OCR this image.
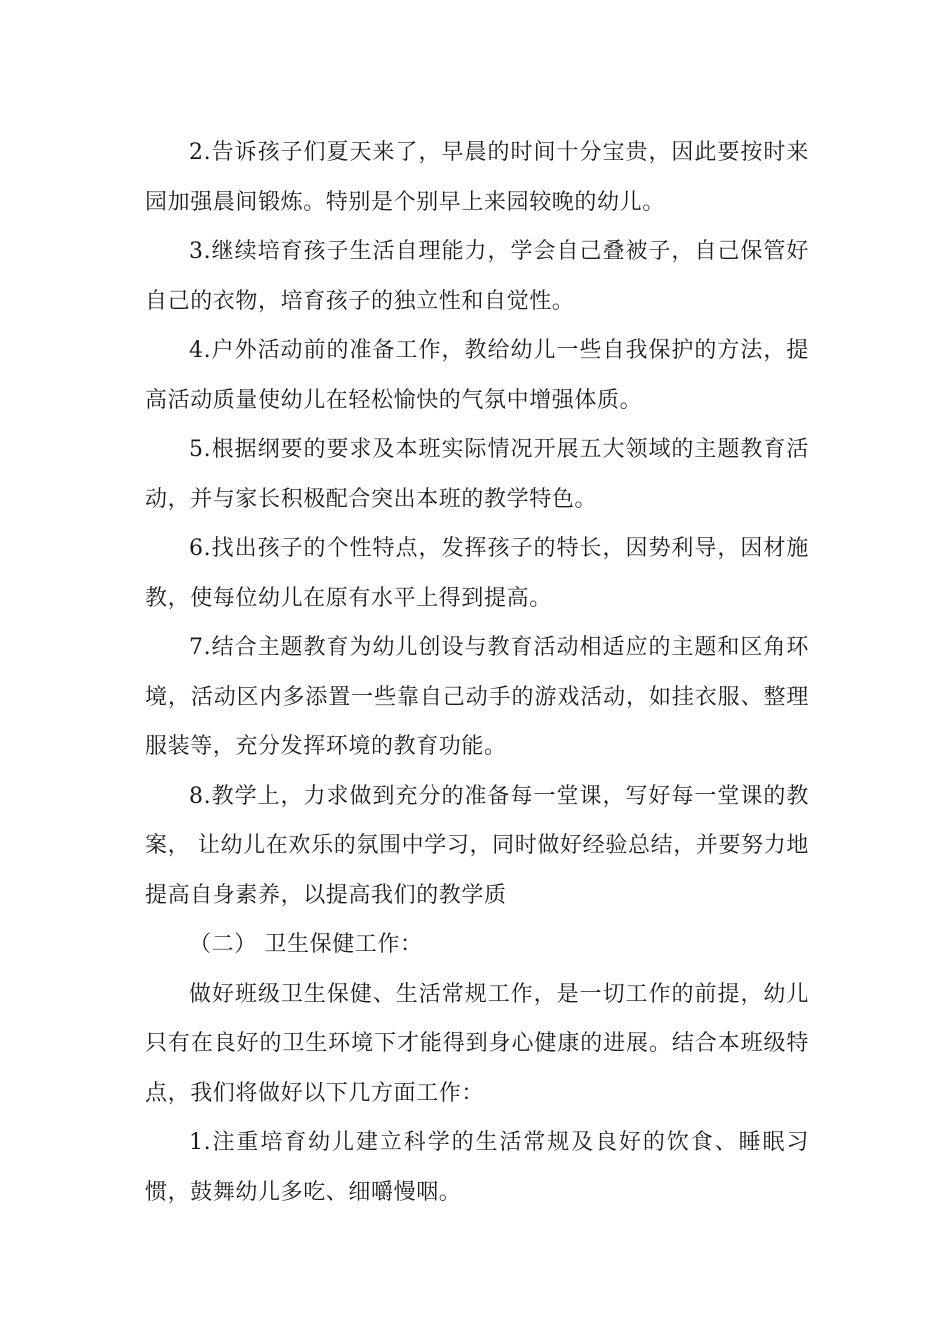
2.告诉孩子们夏天来了，早晨的时间十分宝贵，因此要按时来园加强晨间锻炼。特别是个别早上来园较晚的幼儿。

3.继续培育孩子生活自理能力，学会自己叠被子，自己保管好自己的衣物，培育孩子的独立性和自觉性。

4.户外活动前的准备工作，教给幼儿一些自我保护的方法，提高活动质量使幼儿在轻松愉快的气氛中增强体质。

5.根据纲要的要求及本班实际情况开展五大领域的主题教育活动，并与家长积极配合突出本班的教学特色。

6.找出孩子的个性特点，发挥孩子的特长，因势利导，因材施教，使每位幼儿在原有水平上得到提高。

7.结合主题教育为幼儿创设与教育活动相适应的主题和区角环境，活动区内多添置一些靠自己动手的游戏活动，如挂衣服、整理服装等，充分发挥环境的教育功能。

8.教学上，力求做到充分的准备每一堂课，写好每一堂课的教案， 让幼儿在欢乐的氛围中学习，同时做好经验总结，并要努力地提高自身素养，以提高我们的教学质

（二） 卫生保健工作：

做好班级卫生保健、生活常规工作，是一切工作的前提，幼儿只有在良好的卫生环境下才能得到身心健康的进展。结合本班级特点，我们将做好以下几方面工作：

1.注重培育幼儿建立科学的生活常规及良好的饮食、睡眠习惯，鼓舞幼儿多吃、细嚼慢咽。
